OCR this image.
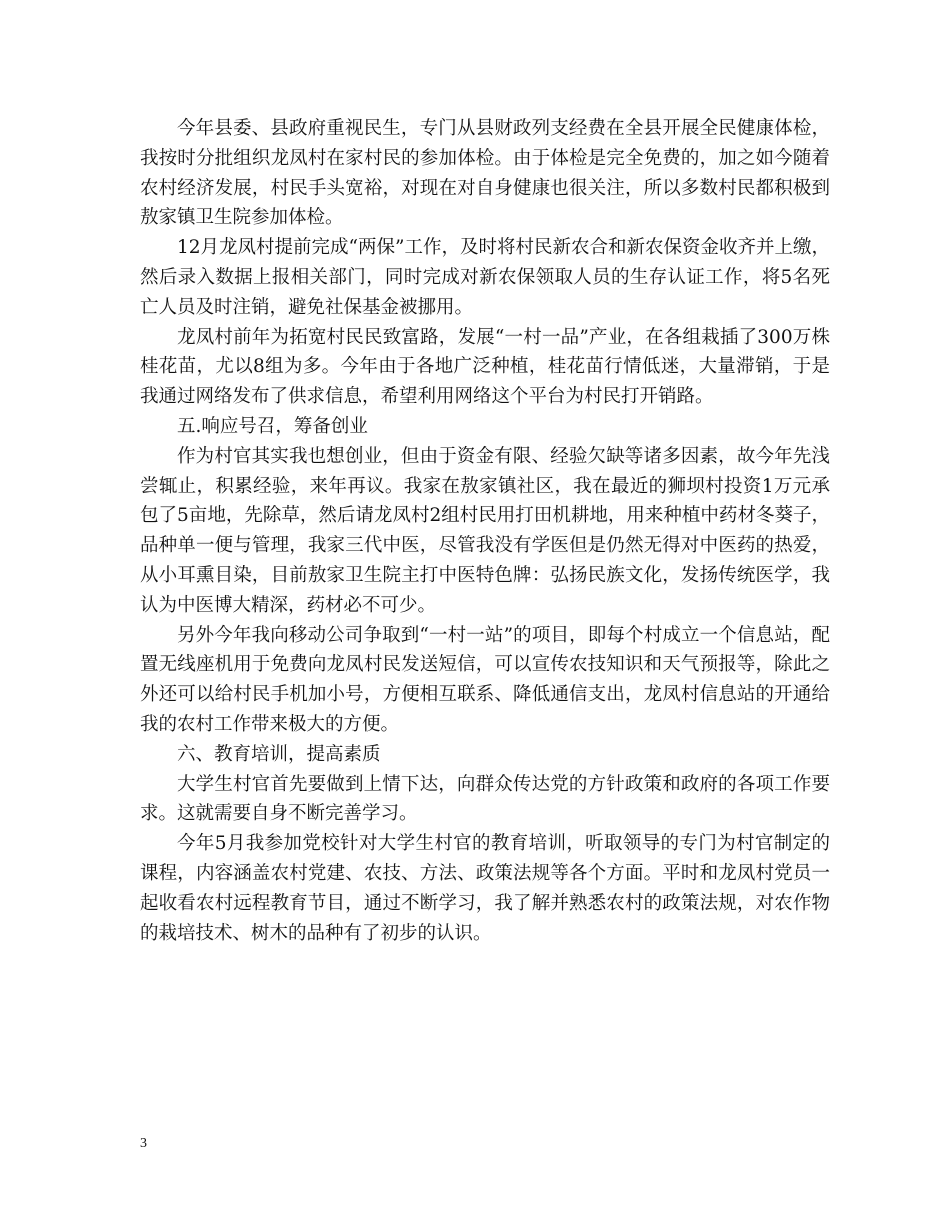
今年县委、县政府重视民生，专门从县财政列支经费在全县开展全民健康体检，我按时分批组织龙凤村在家村民的参加体检。由于体检是完全免费的，加之如今随着农村经济发展，村民手头宽裕，对现在对自身健康也很关注，所以多数村民都积极到敖家镇卫生院参加体检。

12月龙凤村提前完成“两保”工作，及时将村民新农合和新农保资金收齐并上缴，然后录入数据上报相关部门，同时完成对新农保领取人员的生存认证工作，将5名死亡人员及时注销，避免社保基金被挪用。

龙凤村前年为拓宽村民民致富路，发展“一村一品”产业，在各组栽插了300万株桂花苗，尤以8组为多。今年由于各地广泛种植，桂花苗行情低迷，大量滞销，于是我通过网络发布了供求信息，希望利用网络这个平台为村民打开销路。

五.响应号召，筹备创业

作为村官其实我也想创业，但由于资金有限、经验欠缺等诸多因素，故今年先浅尝辄止，积累经验，来年再议。我家在敖家镇社区，我在最近的狮坝村投资1万元承包了5亩地，先除草，然后请龙凤村2组村民用打田机耕地，用来种植中药材冬葵子，品种单一便与管理，我家三代中医，尽管我没有学医但是仍然无得对中医药的热爱，从小耳熏目染，目前敖家卫生院主打中医特色牌：弘扬民族文化，发扬传统医学，我认为中医博大精深，药材必不可少。

另外今年我向移动公司争取到“一村一站”的项目，即每个村成立一个信息站，配置无线座机用于免费向龙凤村民发送短信，可以宣传农技知识和天气预报等，除此之外还可以给村民手机加小号，方便相互联系、降低通信支出，龙凤村信息站的开通给我的农村工作带来极大的方便。

六、教育培训，提高素质

大学生村官首先要做到上情下达，向群众传达党的方针政策和政府的各项工作要求。这就需要自身不断完善学习。

今年5月我参加党校针对大学生村官的教育培训，听取领导的专门为村官制定的课程，内容涵盖农村党建、农技、方法、政策法规等各个方面。平时和龙凤村党员一起收看农村远程教育节目，通过不断学习，我了解并熟悉农村的政策法规，对农作物的栽培技术、树木的品种有了初步的认识。

3
